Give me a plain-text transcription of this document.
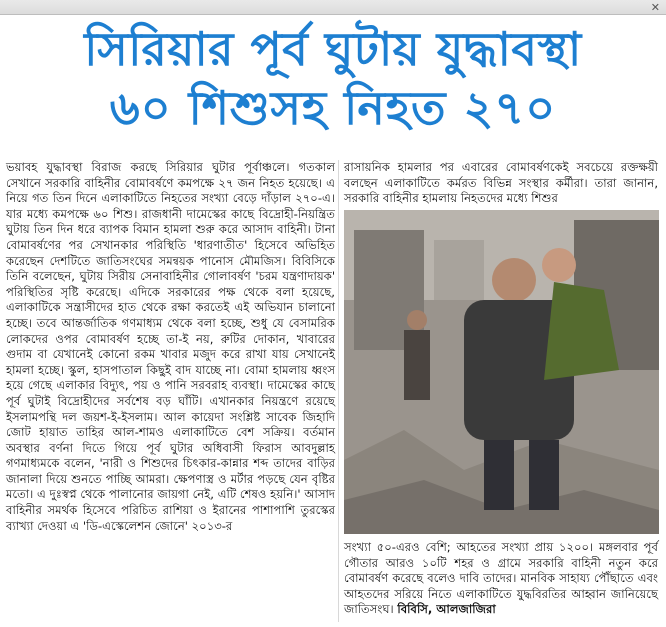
✕
সিরিয়ার পূর্ব ঘুটায় যুদ্ধাবস্থা
৬০ শিশুসহ নিহত ২৭০
ভয়াবহ যুদ্ধাবস্থা বিরাজ করছে সিরিয়ার ঘুটার পূর্বাঞ্চলে। গতকাল সেখানে সরকারি বাহিনীর বোমাবর্ষণে কমপক্ষে ২৭ জন নিহত হয়েছে। এ নিয়ে গত তিন দিনে এলাকাটিতে নিহতের সংখ্যা বেড়ে দাঁড়াল ২৭০-এ। যার মধ্যে কমপক্ষে ৬০ শিশু। রাজধানী দামেস্কের কাছে বিদ্রোহী-নিয়ন্ত্রিত ঘুটায় তিন দিন ধরে ব্যাপক বিমান হামলা শুরু করে আসাদ বাহিনী। টানা বোমাবর্ষণের পর সেখানকার পরিস্থিতি 'ধারণাতীত' হিসেবে অভিহিত করেছেন দেশটিতে জাতিসংঘের সমন্বয়ক পানোস মৌমজিস। বিবিসিকে তিনি বলেছেন, ঘুটায় সিরীয় সেনাবাহিনীর গোলাবর্ষণ 'চরম যন্ত্রণাদায়ক' পরিস্থিতির সৃষ্টি করেছে। এদিকে সরকারের পক্ষ থেকে বলা হয়েছে, এলাকাটিকে সন্ত্রাসীদের হাত থেকে রক্ষা করতেই এই অভিযান চালানো হচ্ছে। তবে আন্তর্জাতিক গণমাধ্যম থেকে বলা হচ্ছে, শুধু যে বেসামরিক লোকদের ওপর বোমাবর্ষণ হচ্ছে তা-ই নয়, রুটির দোকান, খাবারের গুদাম বা যেখানেই কোনো রকম খাবার মজুদ করে রাখা যায় সেখানেই হামলা হচ্ছে। স্কুল, হাসপাতাল কিছুই বাদ যাচ্ছে না। বোমা হামলায় ধ্বংস হয়ে গেছে এলাকার বিদ্যুৎ, পয় ও পানি সরবরাহ ব্যবস্থা। দামেস্কের কাছে পূর্ব ঘুটাই বিদ্রোহীদের সর্বশেষ বড় ঘাঁটি। এখানকার নিয়ন্ত্রণে রয়েছে ইসলামপন্থি দল জয়শ-ই-ইসলাম। আল কায়েদা সংশ্লিষ্ট সাবেক জিহাদি জোট হায়াত তাহির আল-শামও এলাকাটিতে বেশ সক্রিয়। বর্তমান অবস্থার বর্ণনা দিতে গিয়ে পূর্ব ঘুটার অধিবাসী ফিরাস আবদুল্লাহ গণমাধ্যমকে বলেন, 'নারী ও শিশুদের চিৎকার-কান্নার শব্দ তাদের বাড়ির জানালা দিয়ে শুনতে পাচ্ছি আমরা। ক্ষেপণাস্ত্র ও মর্টার পড়ছে যেন বৃষ্টির মতো। এ দুঃস্বপ্ন থেকে পালানোর জায়গা নেই, এটি শেষও হয়নি।' আসাদ বাহিনীর সমর্থক হিসেবে পরিচিত রাশিয়া ও ইরানের পাশাপাশি তুরস্কের ব্যাখ্যা দেওয়া এ 'ডি-এস্কেলেশন জোনে' ২০১৩-র
রাসায়নিক হামলার পর এবারের বোমাবর্ষণকেই সবচেয়ে রক্তক্ষয়ী বলছেন এলাকাটিতে কর্মরত বিভিন্ন সংস্থার কর্মীরা। তারা জানান, সরকারি বাহিনীর হামলায় নিহতদের মধ্যে শিশুর
সংখ্যা ৫০-এরও বেশি; আহতের সংখ্যা প্রায় ১২০০। মঙ্গলবার পূর্ব গৌতার আরও ১০টি শহর ও গ্রামে সরকারি বাহিনী নতুন করে বোমাবর্ষণ করেছে বলেও দাবি তাদের। মানবিক সাহায্য পৌঁছাতে এবং আহতদের সরিয়ে নিতে এলাকাটিতে যুদ্ধবিরতির আহ্বান জানিয়েছে জাতিসংঘ। বিবিসি, আলজাজিরা
